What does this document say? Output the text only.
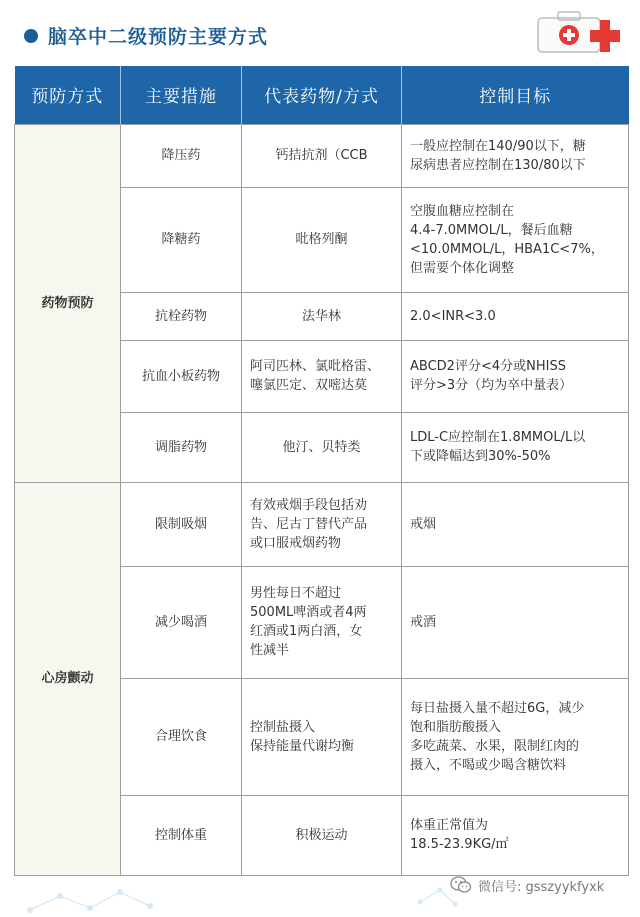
脑卒中二级预防主要方式
预防方式	主要措施	代表药物/方式	控制目标

药物预防	降压药	钙拮抗剂（CCB	一般应控制在140/90以下，糖
尿病患者应控制在130/80以下

	降糖药	吡格列酮	空腹血糖应控制在
4.4-7.0MMOL/L，餐后血糖
<10.0MMOL/L，HBA1C<7%，
但需要个体化调整

	抗栓药物	法华林	2.0<INR<3.0

	抗血小板药物	阿司匹林、氯吡格雷、
噻氯匹定、双嘧达莫	ABCD2评分<4分或NHISS
评分>3分（均为卒中量表）

	调脂药物	他汀、贝特类	LDL-C应控制在1.8MMOL/L以
下或降幅达到30%-50%

心房颤动	限制吸烟	有效戒烟手段包括劝
告、尼古丁替代产品
或口服戒烟药物	戒烟

	减少喝酒	男性每日不超过
500ML啤酒或者4两
红酒或1两白酒，女
性减半	戒酒

	合理饮食	控制盐摄入
保持能量代谢均衡	每日盐摄入量不超过6G，减少
饱和脂肪酸摄入
多吃蔬菜、水果，限制红肉的
摄入，不喝或少喝含糖饮料

	控制体重	积极运动	体重正常值为
18.5-23.9KG/㎡
微信号: gsszyykfyxk
